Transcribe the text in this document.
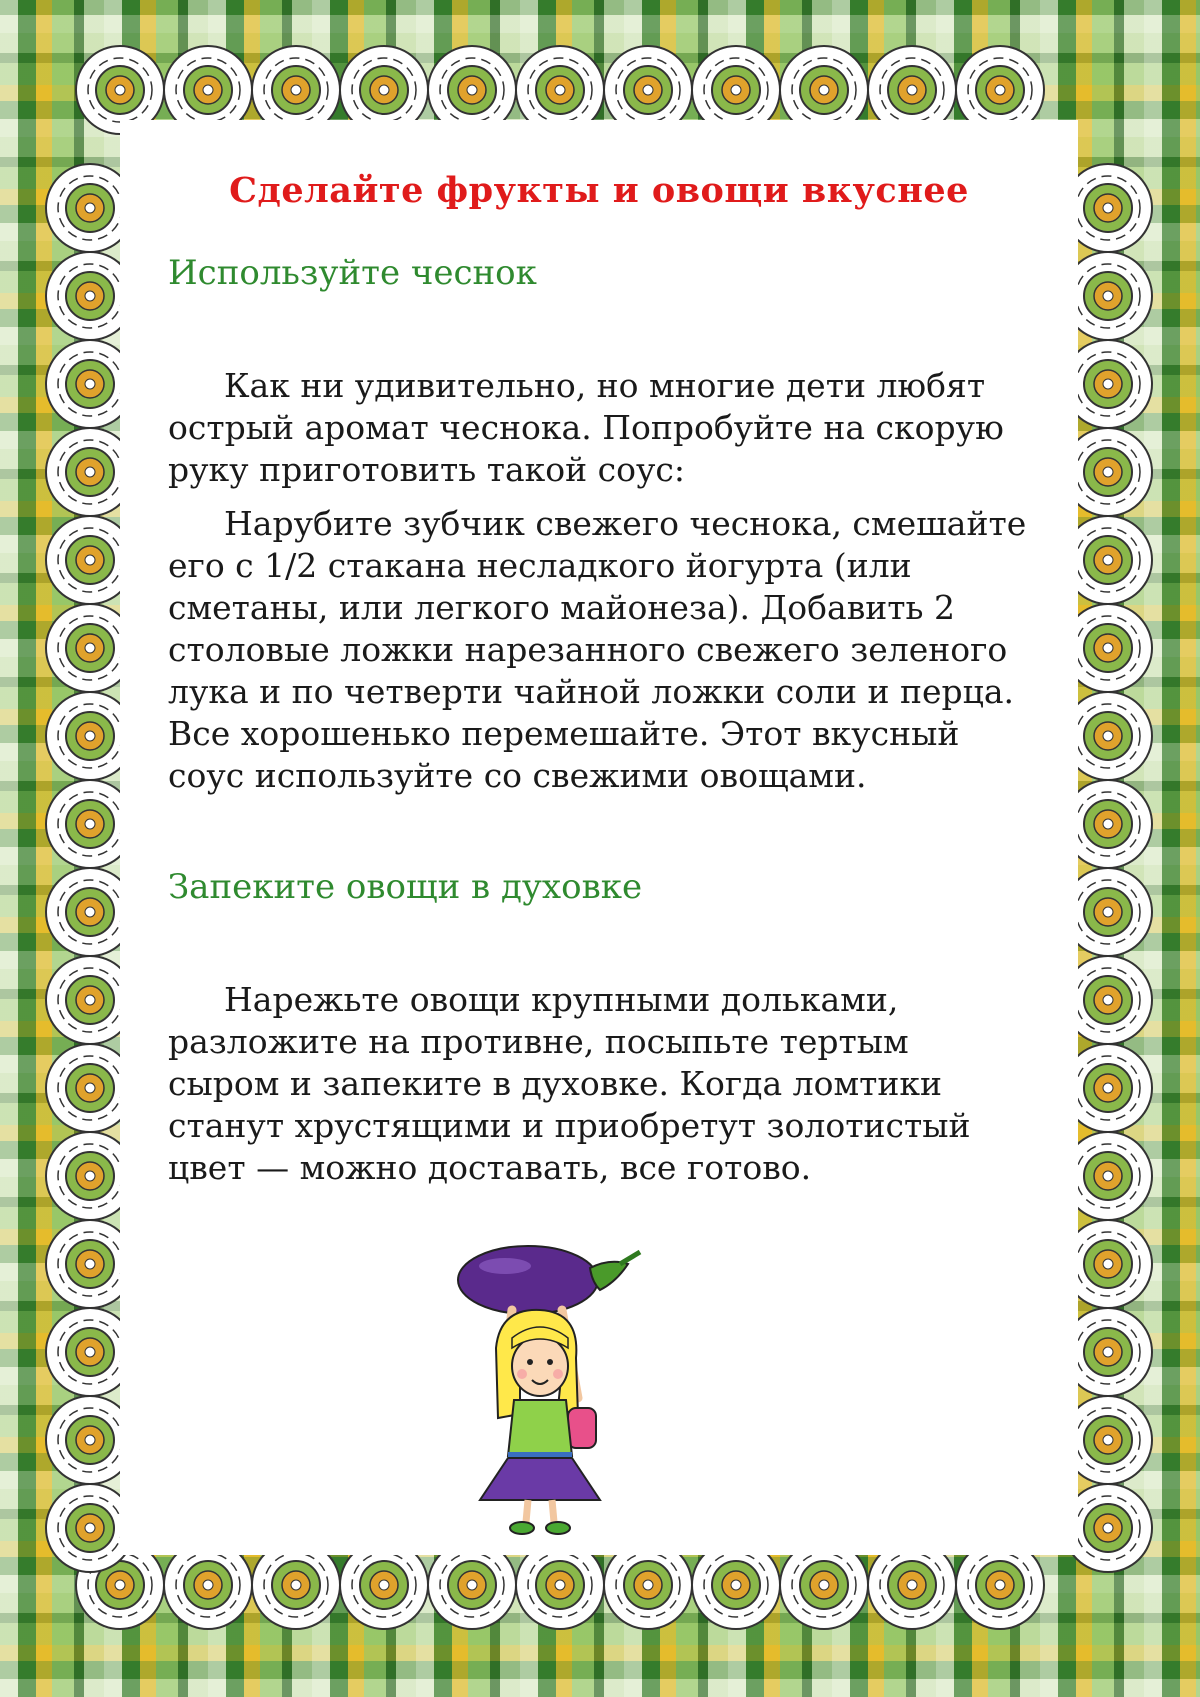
Сделайте фрукты и овощи вкуснее
Используйте чеснок

Как ни удивительно, но многие дети любят острый аромат чеснока. Попробуйте на скорую руку приготовить такой соус:

Нарубите зубчик свежего чеснока, смешайте его с 1/2 стакана несладкого йогурта (или сметаны, или легкого майонеза). Добавить 2 столовые ложки нарезанного свежего зеленого лука и по четверти чайной ложки соли и перца. Все хорошенько перемешайте. Этот вкусный соус используйте со свежими овощами.

Запеките овощи в духовке

Нарежьте овощи крупными дольками, разложите на противне, посыпьте тертым сыром и запеките в духовке. Когда ломтики станут хрустящими и приобретут золотистый цвет — можно доставать, все готово.
